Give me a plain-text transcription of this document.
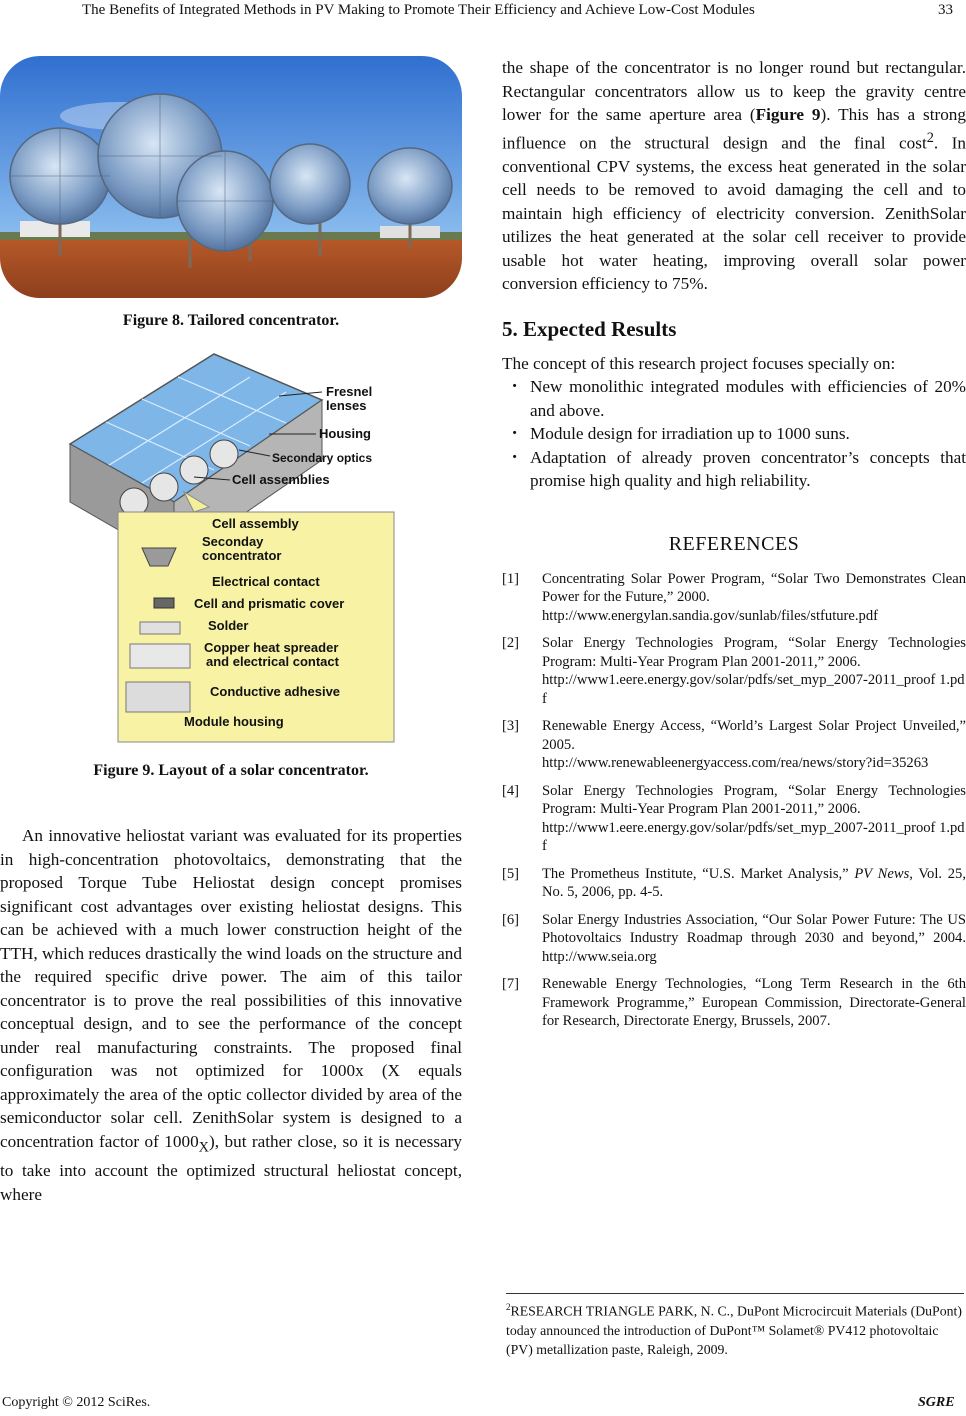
The Benefits of Integrated Methods in PV Making to Promote Their Efficiency and Achieve Low-Cost Modules	33
Figure 8. Tailored concentrator.
Fresnel
lenses
Housing
Secondary optics
Cell assemblies
Cell assembly
Seconday
concentrator
Electrical contact
Cell and prismatic cover
Solder
Copper heat spreader
and electrical contact
Conductive adhesive
Module housing
Figure 9. Layout of a solar concentrator.
An innovative heliostat variant was evaluated for its properties in high-concentration photovoltaics, demonstrating that the proposed Torque Tube Heliostat design concept promises significant cost advantages over existing heliostat designs. This can be achieved with a much lower construction height of the TTH, which reduces drastically the wind loads on the structure and the required specific drive power. The aim of this tailor concentrator is to prove the real possibilities of this innovative conceptual design, and to see the performance of the concept under real manufacturing constraints. The proposed final configuration was not optimized for 1000x (X equals approximately the area of the optic collector divided by area of the semiconductor solar cell. ZenithSolar system is designed to a concentration factor of $1000_X$), but rather close, so it is necessary to take into account the optimized structural heliostat concept, where

the shape of the concentrator is no longer round but rectangular. Rectangular concentrators allow us to keep the gravity centre lower for the same aperture area (Figure 9). This has a strong influence on the structural design and the final cost$^2$. In conventional CPV systems, the excess heat generated in the solar cell needs to be removed to avoid damaging the cell and to maintain high efficiency of electricity conversion. ZenithSolar utilizes the heat generated at the solar cell receiver to provide usable hot water heating, improving overall solar power conversion efficiency to 75%.

5. Expected Results

The concept of this research project focuses specially on:

・ New monolithic integrated modules with efficiencies of 20% and above.
・ Module design for irradiation up to 1000 suns.
・ Adaptation of already proven concentrator’s concepts that promise high quality and high reliability.
REFERENCES
[1] Concentrating Solar Power Program, “Solar Two Demonstrates Clean Power for the Future,” 2000.
http://www.energylan.sandia.gov/sunlab/files/stfuture.pdf
[2] Solar Energy Technologies Program, “Solar Energy Technologies Program: Multi-Year Program Plan 2001-2011,” 2006.
http://www1.eere.energy.gov/solar/pdfs/set_myp_2007-2011_proof 1.pdf
[3] Renewable Energy Access, “World’s Largest Solar Project Unveiled,” 2005.
http://www.renewableenergyaccess.com/rea/news/story?id=35263
[4] Solar Energy Technologies Program, “Solar Energy Technologies Program: Multi-Year Program Plan 2001-2011,” 2006.
http://www1.eere.energy.gov/solar/pdfs/set_myp_2007-2011_proof 1.pdf
[5] The Prometheus Institute, “U.S. Market Analysis,” PV News, Vol. 25, No. 5, 2006, pp. 4-5.
[6] Solar Energy Industries Association, “Our Solar Power Future: The US Photovoltaics Industry Roadmap through 2030 and beyond,” 2004. http://www.seia.org
[7] Renewable Energy Technologies, “Long Term Research in the 6th Framework Programme,” European Commission, Directorate-General for Research, Directorate Energy, Brussels, 2007.
$^2$RESEARCH TRIANGLE PARK, N. C., DuPont Microcircuit Materials (DuPont) today announced the introduction of DuPont™ Solamet® PV412 photovoltaic (PV) metallization paste, Raleigh, 2009.
Copyright © 2012 SciRes.	SGRE
